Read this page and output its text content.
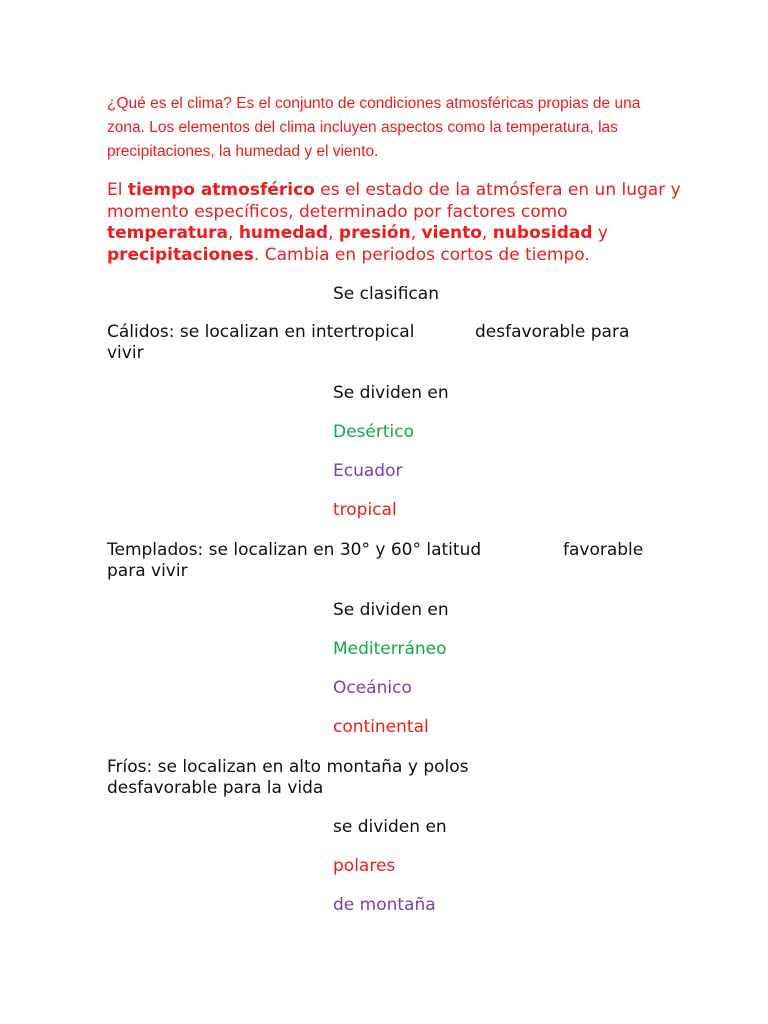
¿Qué es el clima? Es el conjunto de condiciones atmosféricas propias de una zona. Los elementos del clima incluyen aspectos como la temperatura, las precipitaciones, la humedad y el viento.

El tiempo atmosférico es el estado de la atmósfera en un lugar y momento específicos, determinado por factores como temperatura, humedad, presión, viento, nubosidad y precipitaciones. Cambia en periodos cortos de tiempo.

Se clasifican

Cálidos: se localizan en intertropical
vivir
desfavorable para

Se dividen en

Desértico

Ecuador

tropical

Templados: se localizan en 30° y 60° latitud
para vivir
favorable

Se dividen en

Mediterráneo

Oceánico

continental

Fríos: se localizan en alto montaña y polos
desfavorable para la vida

se dividen en

polares

de montaña
